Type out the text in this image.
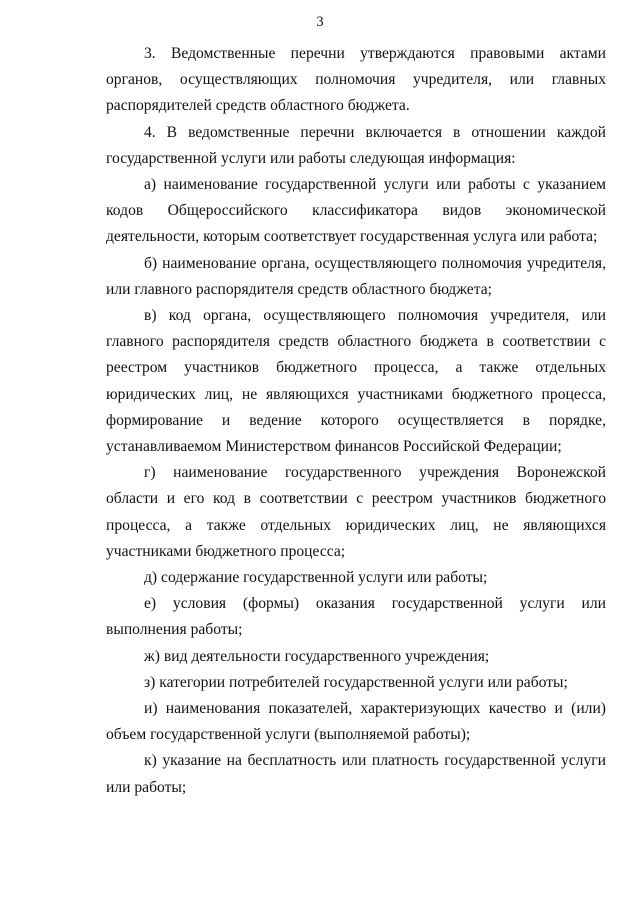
3

3. Ведомственные перечни утверждаются правовыми актами органов, осуществляющих полномочия учредителя, или главных распорядителей средств областного бюджета.

4. В ведомственные перечни включается в отношении каждой государственной услуги или работы следующая информация:

а) наименование государственной услуги или работы с указанием кодов Общероссийского классификатора видов экономической деятельности, которым соответствует государственная услуга или работа;

б) наименование органа, осуществляющего полномочия учредителя, или главного распорядителя средств областного бюджета;

в) код органа, осуществляющего полномочия учредителя, или главного распорядителя средств областного бюджета в соответствии с реестром участников бюджетного процесса, а также отдельных юридических лиц, не являющихся участниками бюджетного процесса, формирование и ведение которого осуществляется в порядке, устанавливаемом Министерством финансов Российской Федерации;

г) наименование государственного учреждения Воронежской области и его код в соответствии с реестром участников бюджетного процесса, а также отдельных юридических лиц, не являющихся участниками бюджетного процесса;

д) содержание государственной услуги или работы;

е) условия (формы) оказания государственной услуги или выполнения работы;

ж) вид деятельности государственного учреждения;

з) категории потребителей государственной услуги или работы;

и) наименования показателей, характеризующих качество и (или) объем государственной услуги (выполняемой работы);

к) указание на бесплатность или платность государственной услуги или работы;
